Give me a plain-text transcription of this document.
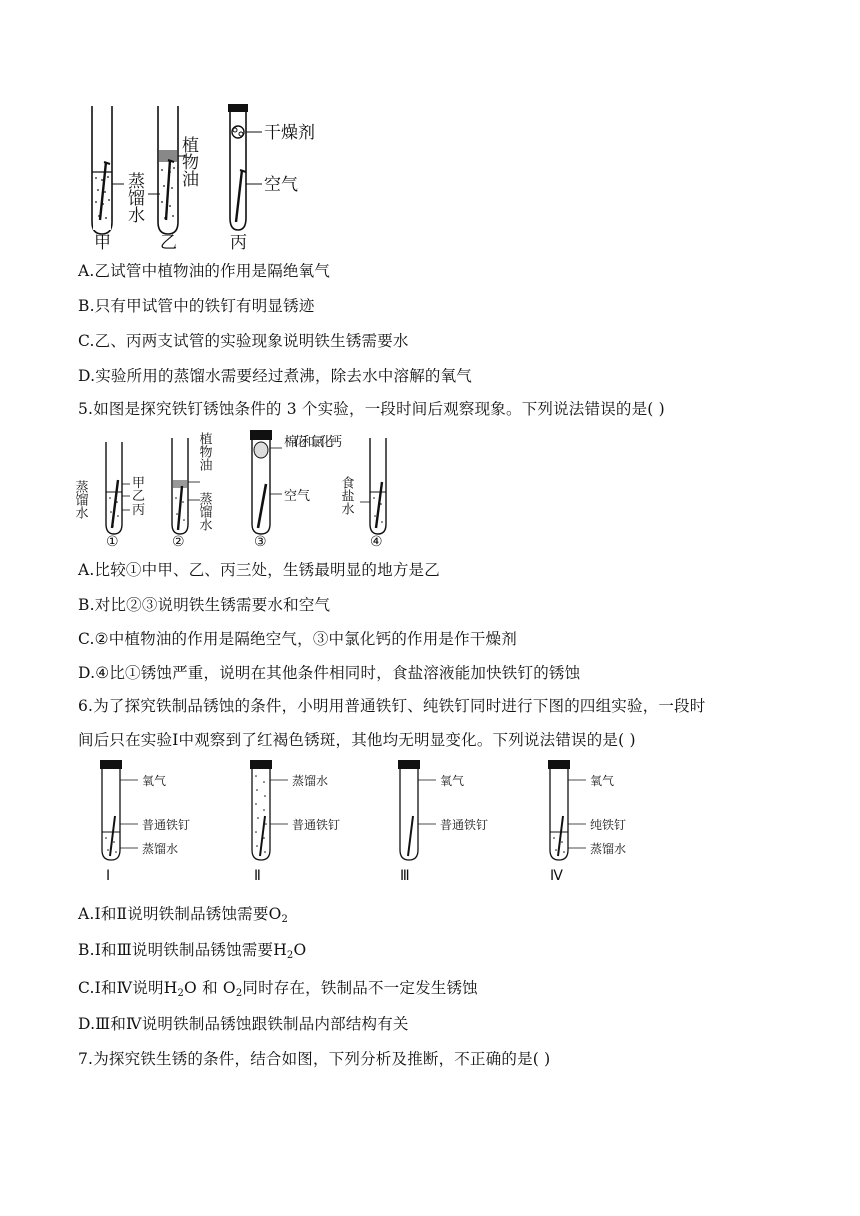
植物油
蒸馏水
干燥剂
空气
甲	乙	丙
A.乙试管中植物油的作用是隔绝氧气
B.只有甲试管中的铁钉有明显锈迹
C.乙、丙两支试管的实验现象说明铁生锈需要水
D.实验所用的蒸馏水需要经过煮沸，除去水中溶解的氧气
5.如图是探究铁钉锈蚀条件的 3 个实验，一段时间后观察现象。下列说法错误的是( )
蒸馏水	甲
乙
丙
①
植物油
蒸馏水
②
棉花和氯化钙
空气
③
食盐水
④
A.比较①中甲、乙、丙三处，生锈最明显的地方是乙
B.对比②③说明铁生锈需要水和空气
C.②中植物油的作用是隔绝空气，③中氯化钙的作用是作干燥剂
D.④比①锈蚀严重，说明在其他条件相同时，食盐溶液能加快铁钉的锈蚀
6.为了探究铁制品锈蚀的条件，小明用普通铁钉、纯铁钉同时进行下图的四组实验，一段时
间后只在实验Ⅰ中观察到了红褐色锈斑，其他均无明显变化。下列说法错误的是( )
氧气
普通铁钉
蒸馏水
Ⅰ
蒸馏水
普通铁钉
Ⅱ
氧气
普通铁钉
Ⅲ
氧气
纯铁钉
蒸馏水
Ⅳ
A.Ⅰ和Ⅱ说明铁制品锈蚀需要$O_2$
B.Ⅰ和Ⅲ说明铁制品锈蚀需要$H_2O$
C.Ⅰ和Ⅳ说明$H_2O$ 和 $O_2$同时存在，铁制品不一定发生锈蚀
D.Ⅲ和Ⅳ说明铁制品锈蚀跟铁制品内部结构有关
7.为探究铁生锈的条件，结合如图，下列分析及推断，不正确的是( )
